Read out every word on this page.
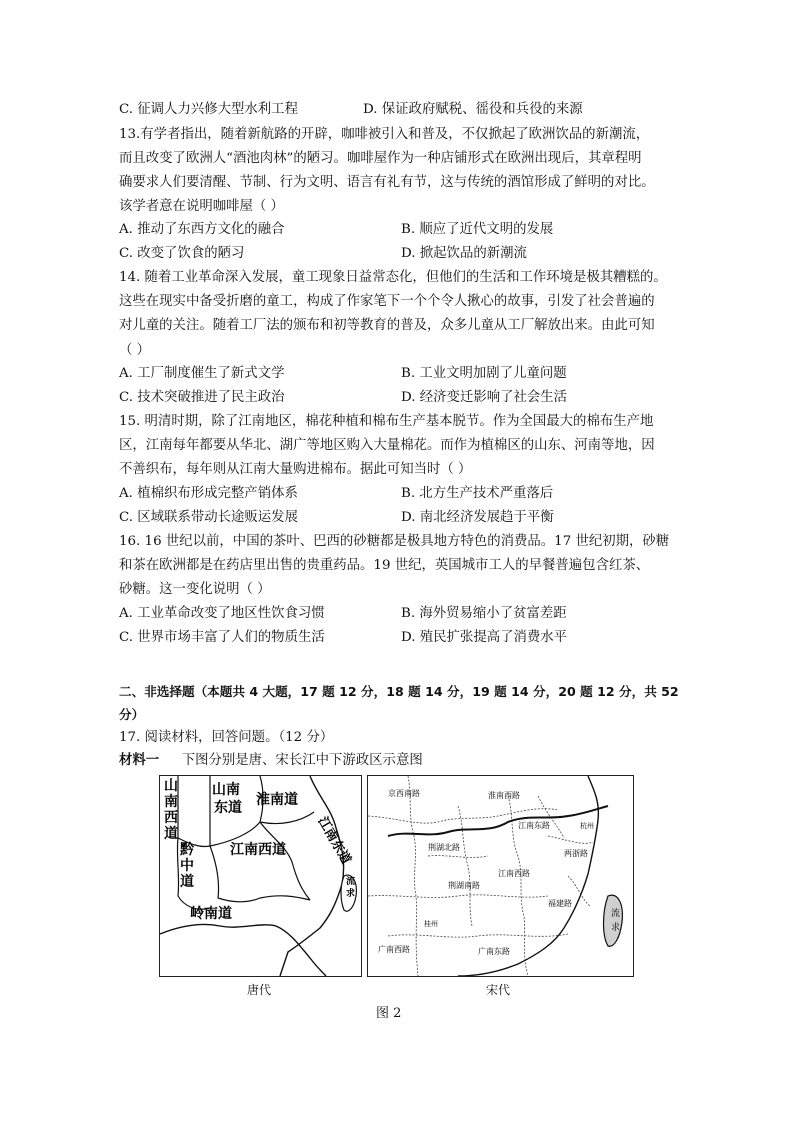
C. 征调人力兴修大型水利工程	D. 保证政府赋税、徭役和兵役的来源
13.有学者指出，随着新航路的开辟，咖啡被引入和普及，不仅掀起了欧洲饮品的新潮流，
而且改变了欧洲人“酒池肉林”的陋习。咖啡屋作为一种店铺形式在欧洲出现后，其章程明
确要求人们要清醒、节制、行为文明、语言有礼有节，这与传统的酒馆形成了鲜明的对比。
该学者意在说明咖啡屋（ ）
A. 推动了东西方文化的融合	B. 顺应了近代文明的发展
C. 改变了饮食的陋习	D. 掀起饮品的新潮流
14. 随着工业革命深入发展，童工现象日益常态化，但他们的生活和工作环境是极其糟糕的。
这些在现实中备受折磨的童工，构成了作家笔下一个个令人揪心的故事，引发了社会普遍的
对儿童的关注。随着工厂法的颁布和初等教育的普及，众多儿童从工厂解放出来。由此可知
（ ）
A. 工厂制度催生了新式文学	B. 工业文明加剧了儿童问题
C. 技术突破推进了民主政治	D. 经济变迁影响了社会生活
15. 明清时期，除了江南地区，棉花种植和棉布生产基本脱节。作为全国最大的棉布生产地
区，江南每年都要从华北、湖广等地区购入大量棉花。而作为植棉区的山东、河南等地，因
不善织布，每年则从江南大量购进棉布。据此可知当时（ ）
A. 植棉织布形成完整产销体系	B. 北方生产技术严重落后
C. 区域联系带动长途贩运发展	D. 南北经济发展趋于平衡
16. 16 世纪以前，中国的茶叶、巴西的砂糖都是极具地方特色的消费品。17 世纪初期，砂糖
和茶在欧洲都是在药店里出售的贵重药品。19 世纪，英国城市工人的早餐普遍包含红茶、
砂糖。这一变化说明（ ）
A. 工业革命改变了地区性饮食习惯	B. 海外贸易缩小了贫富差距
C. 世界市场丰富了人们的物质生活	D. 殖民扩张提高了消费水平
二、非选择题（本题共 4 大题，17 题 12 分，18 题 14 分，19 题 14 分，20 题 12 分，共 52
分）
17. 阅读材料，回答问题。（12 分）
材料一 下图分别是唐、宋长江中下游政区示意图
山
南
西
道
山南
东道 淮南道
江南东道
黔
中
道
江南西道
岭南道
流
求
流
求
江南东路
两浙路
江南西路
荆湖北路
荆湖南路
福建路
广南东路
广南西路
淮南西路
京西南路
杭州
桂州
唐代	宋代
图 2
